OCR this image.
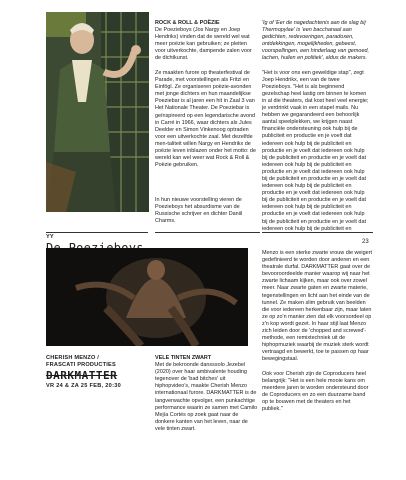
YY
ROCK & ROLL & POËZIE

De Poezieboys (Jos Nargy en Joep Hendrikx) vinden dat de wereld wel wat meer poëzie kan gebruiken; ze pleiten voor uitverkochte, dampende zalen voor de dichtkunst.

Ze maakten furore op theaterfestival de Parade, met voorstellingen als Fritzi en Einfögl. Ze organiseren poëzie-avonden met jonge dichters en hun maandelijkse Poeziebar is al jaren een hit in Zaal 3 van Het Nationale Theater. De Poeziebar is geïnspireerd op een legendarische avond in Carré in 1966, waar dichters als Jules Deelder en Simon Vinkenoog optraden voor een uitverkochte zaal. Met dezelfde men-taliteit willen Nargy en Hendrikx de poëzie leven inblazen onder het motto: de wereld kan wel weer wat Rock & Roll & Poëzie gebruiken.

In hun nieuwe voorstelling vieren de Poezieboys het absurdisme van de Russische schrijver en dichter Daniil Charms.

'Ig of 'Eer de nagedachtenis aan de slag bij Thermopylae' is 'een bacchanaal aan gedichten, redevoeringen, paradoxen, ontdekkingen, mogelijkheden, gebeest, voorspellingen, een hinderlaag van gemoed, lachen, huilen en politiek', aldus de makers.

"Het is voor ons een geweldige stap", zegt Joep Hendrikx, een van de twee Poezieboys. "Het is als beginnend gezelschap heel lastig om binnen te komen in al die theaters, dat kost heel veel energie; je verdrinkt vaak in een stapel mails. Nu hebben we gegarandeerd een behoorlijk aantal speelplekken, we krijgen naast financiële ondersteuning ook hulp bij de publiciteit en productie en je voelt dat iedereen ook hulp bij de publiciteit en productie en je voelt dat iedereen ook hulp bij de publiciteit en productie en je voelt dat iedereen ook hulp bij de publiciteit en productie en je voelt dat iedereen ook hulp bij de publiciteit en productie en je voelt dat iedereen ook hulp bij de publiciteit en productie en je voelt dat iedereen ook hulp bij de publiciteit en productie en je voelt dat iedereen ook hulp bij de publiciteit en productie en je voelt dat iedereen ook hulp bij de publiciteit en productie en je voelt dat iedereen ook hulp bij de publiciteit en

23
CHERISH MENZO /
FRASCATI PRODUCTIES
DARKMATTER
VR 24 & ZA 25 FEB, 20:30
VELE TINTEN ZWART

Met de bekroonde dansssolo Jezebel (2020) over haar ambivalente houding tegenover de 'bad bitches' uit hiphopvideo's, maakte Cherish Menzo internationaal furore. DARKMATTER is de langverwachte opvolger, een punkachtige performance waarin ze samen met Camilo Mejía Cortés op zoek gaat naar de donkere kanten van het leven, naar de vele tinten zwart.

Menzo is een sterke zwarte vrouw die weigert gedefinieerd te worden door anderen en een theatrale durfal. DARKMATTER gaat over de bevooroordeelde manier waarop wij naar het zwarte lichaam kijken, maar ook over zowel meer. Naar zwarte gaten en zwarte materie, tegenstellingen en licht aan het einde van de tunnel. Ze maken slim gebruik van beelden die voor iedereen herkenbaar zijn, maar laten ze op zo'n manier zien dat elk voorsordeel op z'n kop wordt gezet. In haar stijl laat Menzo zich leiden door de 'chopped and screwed'-methode, een remixtechniek uit de hiphopmuziek waarbij de muziek sterk wordt vertraagd en bewerkt, toe te passen op haar bewegingstaal.

Ook voor Cherish zijn de Coproducers heel belangrijk: "Het is een hele mooie kans om meerdere jaren te worden ondersteund door de Coproducers en zo een duurzame band op te bouwen met de theaters en het publiek."
